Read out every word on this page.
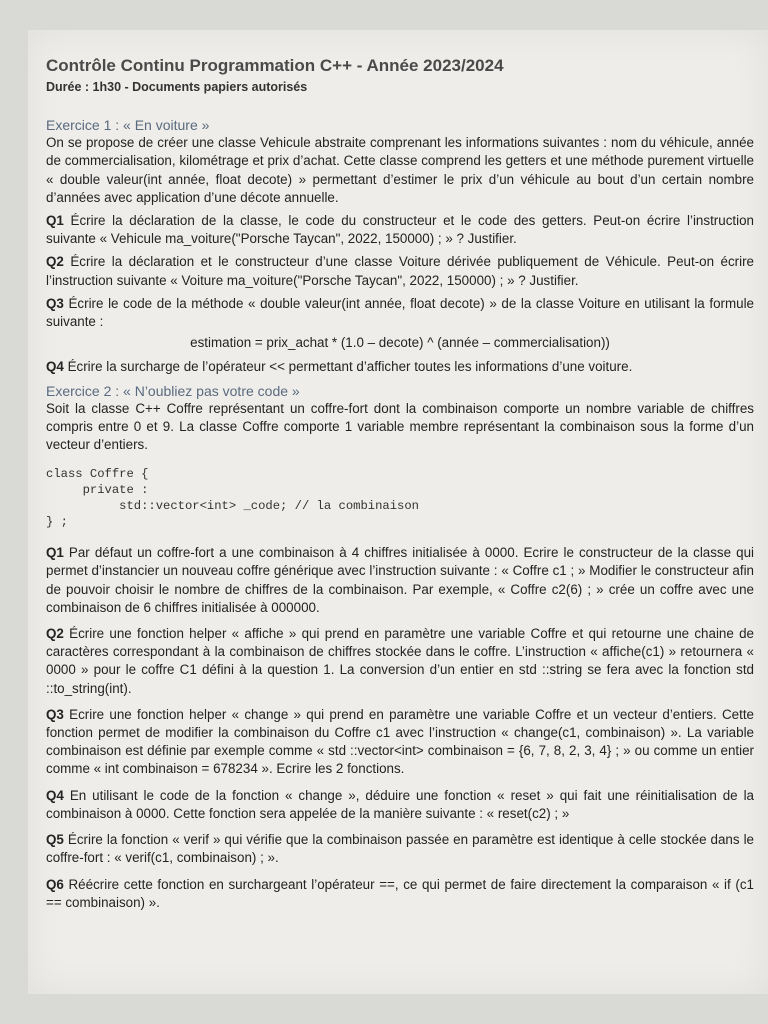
Contrôle Continu Programmation C++ - Année 2023/2024
Durée : 1h30 - Documents papiers autorisés
Exercice 1 : « En voiture »

On se propose de créer une classe Vehicule abstraite comprenant les informations suivantes : nom du véhicule, année de commercialisation, kilométrage et prix d’achat. Cette classe comprend les getters et une méthode purement virtuelle « double valeur(int année, float decote) » permettant d’estimer le prix d’un véhicule au bout d’un certain nombre d’années avec application d’une décote annuelle.

Q1 Écrire la déclaration de la classe, le code du constructeur et le code des getters. Peut-on écrire l’instruction suivante « Vehicule ma_voiture("Porsche Taycan", 2022, 150000) ; » ? Justifier.

Q2 Écrire la déclaration et le constructeur d’une classe Voiture dérivée publiquement de Véhicule. Peut-on écrire l’instruction suivante « Voiture ma_voiture("Porsche Taycan", 2022, 150000) ; » ? Justifier.

Q3 Écrire le code de la méthode « double valeur(int année, float decote) » de la classe Voiture en utilisant la formule suivante :

estimation = prix_achat * (1.0 – decote) ^ (année – commercialisation))

Q4 Écrire la surcharge de l’opérateur << permettant d’afficher toutes les informations d’une voiture.

Exercice 2 : « N’oubliez pas votre code »

Soit la classe C++ Coffre représentant un coffre-fort dont la combinaison comporte un nombre variable de chiffres compris entre 0 et 9. La classe Coffre comporte 1 variable membre représentant la combinaison sous la forme d’un vecteur d’entiers.

class Coffre {
private :
std::vector<int> _code; // la combinaison
} ;

Q1 Par défaut un coffre-fort a une combinaison à 4 chiffres initialisée à 0000. Ecrire le constructeur de la classe qui permet d’instancier un nouveau coffre générique avec l’instruction suivante : « Coffre c1 ; » Modifier le constructeur afin de pouvoir choisir le nombre de chiffres de la combinaison. Par exemple, « Coffre c2(6) ; » crée un coffre avec une combinaison de 6 chiffres initialisée à 000000.

Q2 Écrire une fonction helper « affiche » qui prend en paramètre une variable Coffre et qui retourne une chaine de caractères correspondant à la combinaison de chiffres stockée dans le coffre. L’instruction « affiche(c1) » retournera « 0000 » pour le coffre C1 défini à la question 1. La conversion d’un entier en std ::string se fera avec la fonction std ::to_string(int).

Q3 Ecrire une fonction helper « change » qui prend en paramètre une variable Coffre et un vecteur d’entiers. Cette fonction permet de modifier la combinaison du Coffre c1 avec l’instruction « change(c1, combinaison) ». La variable combinaison est définie par exemple comme « std ::vector<int> combinaison = {6, 7, 8, 2, 3, 4} ; » ou comme un entier comme « int combinaison = 678234 ». Ecrire les 2 fonctions.

Q4 En utilisant le code de la fonction « change », déduire une fonction « reset » qui fait une réinitialisation de la combinaison à 0000. Cette fonction sera appelée de la manière suivante : « reset(c2) ; »

Q5 Écrire la fonction « verif » qui vérifie que la combinaison passée en paramètre est identique à celle stockée dans le coffre-fort : « verif(c1, combinaison) ; ».

Q6 Réécrire cette fonction en surchargeant l’opérateur ==, ce qui permet de faire directement la comparaison « if (c1 == combinaison) ».
